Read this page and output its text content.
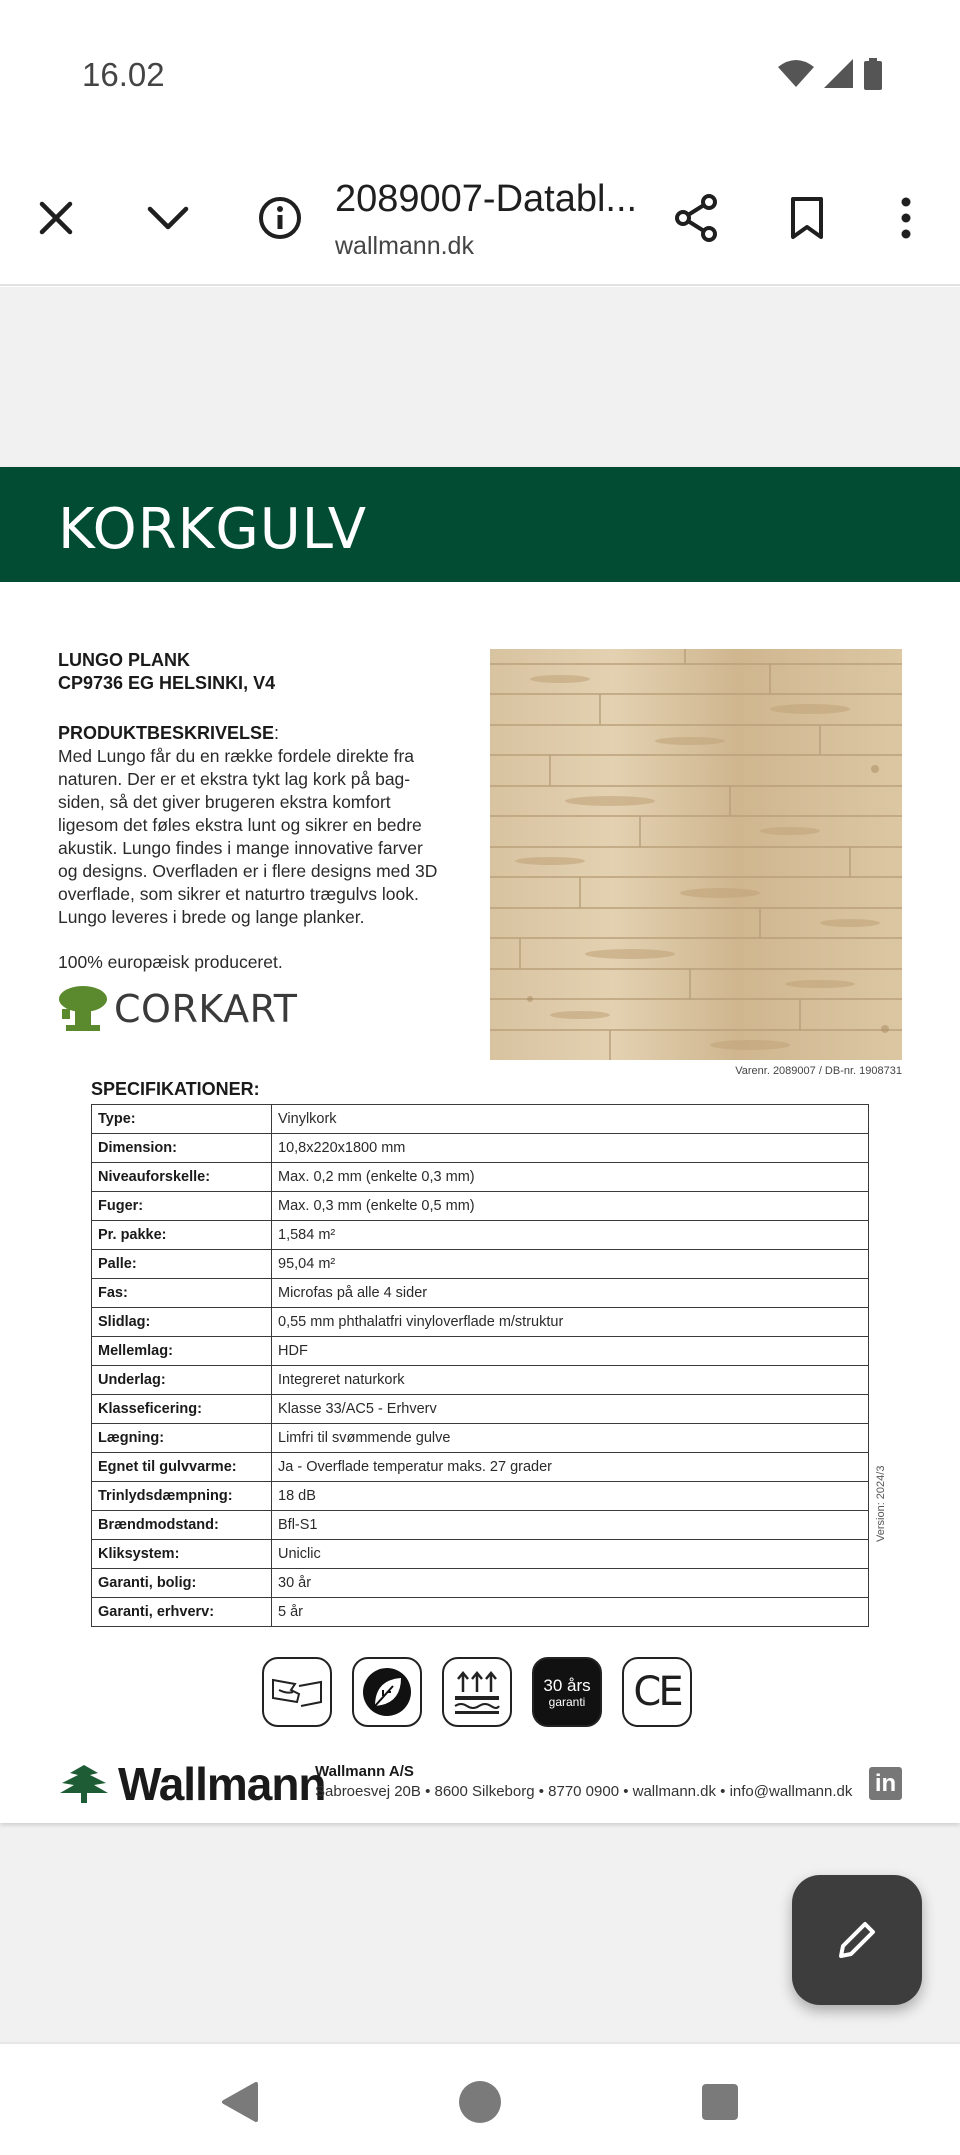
16.02
2089007-Databl...
wallmann.dk
KORKGULV
LUNGO PLANK
CP9736 EG HELSINKI, V4
PRODUKTBESKRIVELSE:
Med Lungo får du en række fordele direkte fra
naturen. Der er et ekstra tykt lag kork på bag-
siden, så det giver brugeren ekstra komfort
ligesom det føles ekstra lunt og sikrer en bedre
akustik. Lungo findes i mange innovative farver
og designs. Overfladen er i flere designs med 3D
overflade, som sikrer et naturtro trægulvs look.
Lungo leveres i brede og lange planker.
100% europæisk produceret.
CORKART
Varenr. 2089007 / DB-nr. 1908731
SPECIFIKATIONER:
Type:	Vinylkork
Dimension:	10,8x220x1800 mm
Niveauforskelle:	Max. 0,2 mm (enkelte 0,3 mm)
Fuger:	Max. 0,3 mm (enkelte 0,5 mm)
Pr. pakke:	1,584 m²
Palle:	95,04 m²
Fas:	Microfas på alle 4 sider
Slidlag:	0,55 mm phthalatfri vinyloverflade m/struktur
Mellemlag:	HDF
Underlag:	Integreret naturkork
Klasseficering:	Klasse 33/AC5 - Erhverv
Lægning:	Limfri til svømmende gulve
Egnet til gulvvarme:	Ja - Overflade temperatur maks. 27 grader
Trinlydsdæmpning:	18 dB
Brændmodstand:	Bfl-S1
Kliksystem:	Uniclic
Garanti, bolig:	30 år
Garanti, erhverv:	5 år
Version: 2024/3
30 års
garanti CE
Wallmann
Wallmann A/S
Sabroesvej 20B • 8600 Silkeborg • 8770 0900 • wallmann.dk • info@wallmann.dk in
